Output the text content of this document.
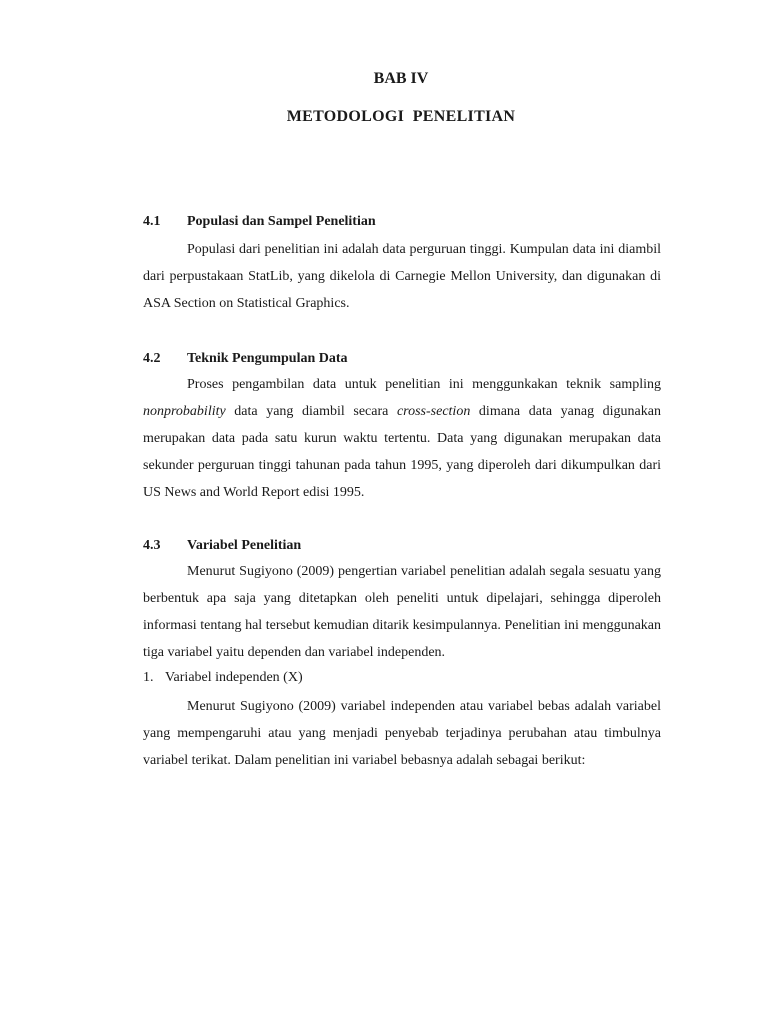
BAB IV
METODOLOGI  PENELITIAN
4.1 Populasi dan Sampel Penelitian

Populasi dari penelitian ini adalah data perguruan tinggi. Kumpulan data ini diambil dari perpustakaan StatLib, yang dikelola di Carnegie Mellon University, dan digunakan di ASA Section on Statistical Graphics.

4.2 Teknik Pengumpulan Data

Proses pengambilan data untuk penelitian ini menggunkakan teknik sampling nonprobability data yang diambil secara cross-section dimana data yanag digunakan merupakan data pada satu kurun waktu tertentu. Data yang digunakan merupakan data sekunder perguruan tinggi tahunan pada tahun 1995, yang diperoleh dari dikumpulkan dari US News and World Report edisi 1995.

4.3 Variabel Penelitian

Menurut Sugiyono (2009) pengertian variabel penelitian adalah segala sesuatu yang berbentuk apa saja yang ditetapkan oleh peneliti untuk dipelajari, sehingga diperoleh informasi tentang hal tersebut kemudian ditarik kesimpulannya. Penelitian ini menggunakan tiga variabel yaitu dependen dan variabel independen.

1. Variabel independen (X)

Menurut Sugiyono (2009) variabel independen atau variabel bebas adalah variabel yang mempengaruhi atau yang menjadi penyebab terjadinya perubahan atau timbulnya variabel terikat. Dalam penelitian ini variabel bebasnya adalah sebagai berikut:
